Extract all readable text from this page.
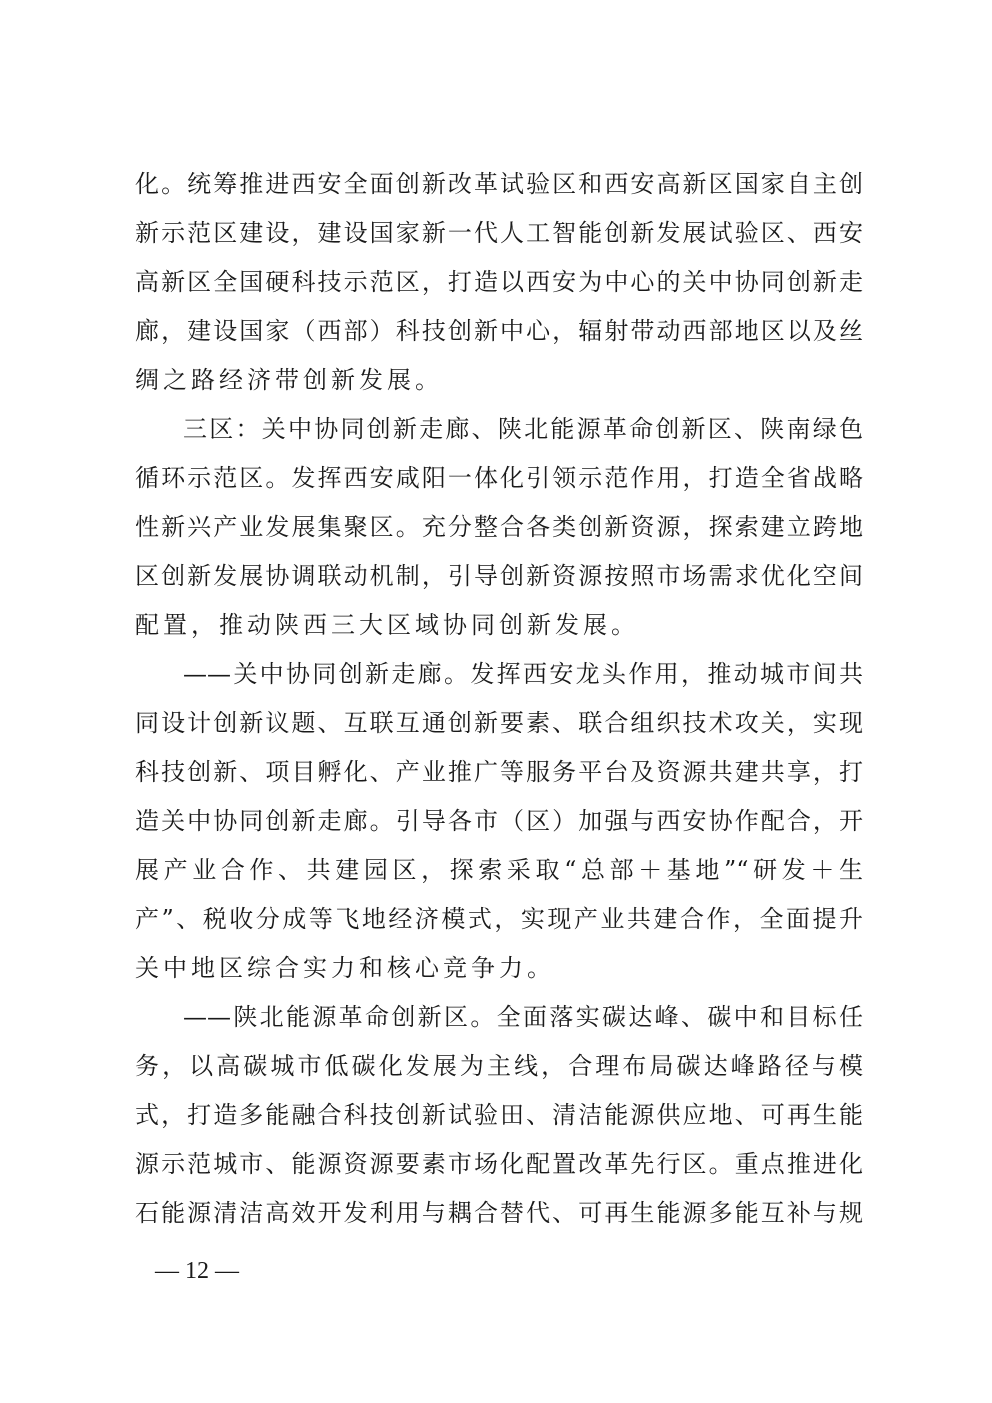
化。统筹推进西安全面创新改革试验区和西安高新区国家自主创
新示范区建设，建设国家新一代人工智能创新发展试验区、西安
高新区全国硬科技示范区，打造以西安为中心的关中协同创新走
廊，建设国家（西部）科技创新中心，辐射带动西部地区以及丝
绸之路经济带创新发展。
三区：关中协同创新走廊、陕北能源革命创新区、陕南绿色
循环示范区。发挥西安咸阳一体化引领示范作用，打造全省战略
性新兴产业发展集聚区。充分整合各类创新资源，探索建立跨地
区创新发展协调联动机制，引导创新资源按照市场需求优化空间
配置，推动陕西三大区域协同创新发展。
——关中协同创新走廊。发挥西安龙头作用，推动城市间共
同设计创新议题、互联互通创新要素、联合组织技术攻关，实现
科技创新、项目孵化、产业推广等服务平台及资源共建共享，打
造关中协同创新走廊。引导各市（区）加强与西安协作配合，开
展产业合作、共建园区，探索采取“总部＋基地”“研发＋生
产”、税收分成等飞地经济模式，实现产业共建合作，全面提升
关中地区综合实力和核心竞争力。
——陕北能源革命创新区。全面落实碳达峰、碳中和目标任
务，以高碳城市低碳化发展为主线，合理布局碳达峰路径与模
式，打造多能融合科技创新试验田、清洁能源供应地、可再生能
源示范城市、能源资源要素市场化配置改革先行区。重点推进化
石能源清洁高效开发利用与耦合替代、可再生能源多能互补与规
— 12 —
